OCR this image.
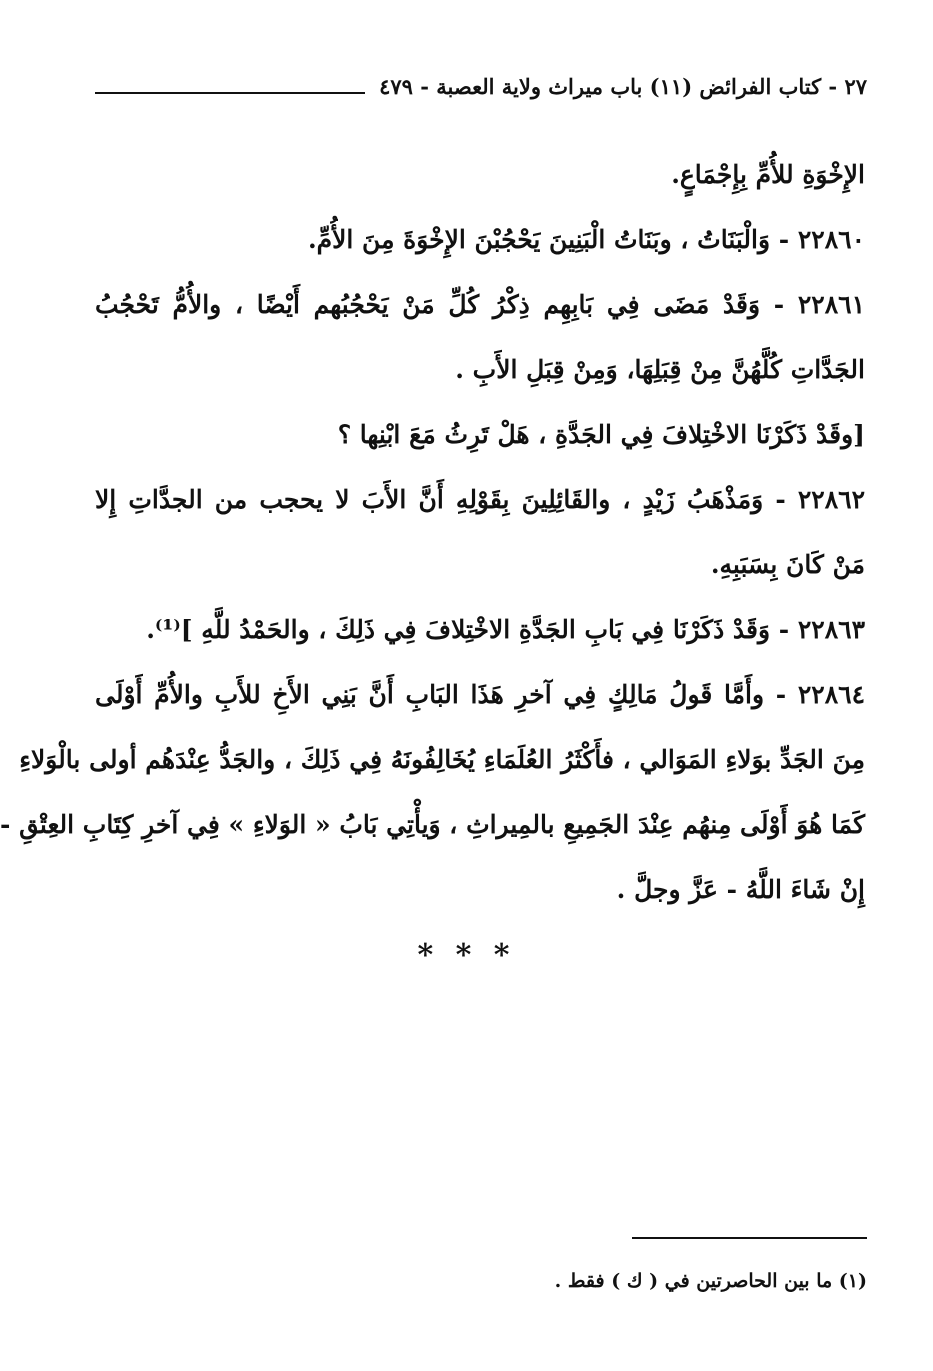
٢٧ - كتاب الفرائض (١١) باب ميراث ولاية العصبة - ٤٧٩
الإِخْوَةِ للأُمِّ بِإِجْمَاعٍ.
٢٢٨٦٠ - وَالْبَنَاتُ ، وبَنَاتُ الْبَنِينَ يَحْجُبْنَ الإِخْوَةَ مِنَ الأُمِّ.
٢٢٨٦١ - وَقَدْ مَضَى فِي بَابِهِم ذِكْرُ كُلِّ مَنْ يَحْجُبُهم أَيْضًا ، والأُمُّ تَحْجُبُ
الجَدَّاتِ كُلَّهُنَّ مِنْ قِبَلِهَا، وَمِنْ قِبَلِ الأَبِ .
[وقَدْ ذَكَرْنَا الاخْتِلافَ فِي الجَدَّةِ ، هَلْ تَرِثُ مَعَ ابْنِها ؟
٢٢٨٦٢ - وَمَذْهَبُ زَيْدٍ ، والقَائِلِينَ بِقَوْلِهِ أَنَّ الأَبَ لا يحجب من الجدَّاتِ إِلا
مَنْ كَانَ بِسَبَبِهِ.
٢٢٨٦٣ - وَقَدْ ذَكَرْنَا فِي بَابِ الجَدَّةِ الاخْتِلافَ فِي ذَلِكَ ، والحَمْدُ للَّهِ ]⁽¹⁾.
٢٢٨٦٤ - وأَمَّا قَولُ مَالِكٍ فِي آخرِ هَذَا البَابِ أَنَّ بَنِي الأَخِ للأَبِ والأُمِّ أَوْلَى
مِنَ الجَدِّ بوَلاءِ المَوَالي ، فأَكْثَرُ العُلَمَاءِ يُخَالِفُونَهُ فِي ذَلِكَ ، والجَدُّ عِنْدَهُم أولى بالْوَلاءِ
كَمَا هُوَ أَوْلَى مِنهُم عِنْدَ الجَمِيعِ بالمِيراثِ ، وَيأْتِي بَابُ « الوَلاءِ » فِي آخرِ كِتَابِ العِتْقِ -
إِنْ شَاءَ اللَّهُ - عَزَّ وجلَّ .
* * *
(١) ما بين الحاصرتين في ( ك ) فقط .
